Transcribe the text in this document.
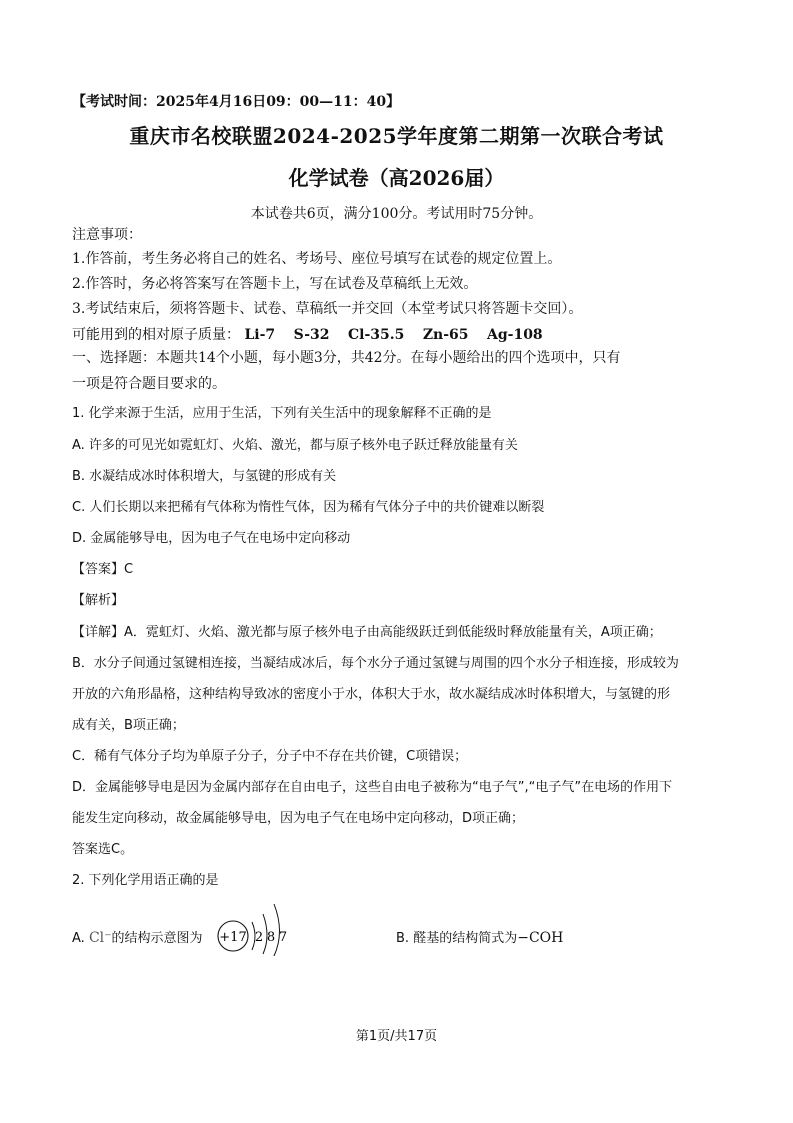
【考试时间：2025年4月16日09：00—11：40】
重庆市名校联盟2024-2025学年度第二期第一次联合考试
化学试卷（高2026届）
本试卷共6页，满分100分。考试用时75分钟。
注意事项：
1.作答前，考生务必将自己的姓名、考场号、座位号填写在试卷的规定位置上。
2.作答时，务必将答案写在答题卡上，写在试卷及草稿纸上无效。
3.考试结束后，须将答题卡、试卷、草稿纸一并交回（本堂考试只将答题卡交回）。
可能用到的相对原子质量： Li-7 S-32 Cl-35.5 Zn-65 Ag-108
一、选择题：本题共14个小题，每小题3分，共42分。在每小题给出的四个选项中，只有
一项是符合题目要求的。
1. 化学来源于生活，应用于生活，下列有关生活中的现象解释不正确的是
A. 许多的可见光如霓虹灯、火焰、激光，都与原子核外电子跃迁释放能量有关
B. 水凝结成冰时体积增大，与氢键的形成有关
C. 人们长期以来把稀有气体称为惰性气体，因为稀有气体分子中的共价键难以断裂
D. 金属能够导电，因为电子气在电场中定向移动
【答案】C
【解析】
【详解】A．霓虹灯、火焰、激光都与原子核外电子由高能级跃迁到低能级时释放能量有关，A项正确；
B．水分子间通过氢键相连接，当凝结成冰后，每个水分子通过氢键与周围的四个水分子相连接，形成较为
开放的六角形晶格，这种结构导致冰的密度小于水，体积大于水，故水凝结成冰时体积增大，与氢键的形
成有关，B项正确；
C．稀有气体分子均为单原子分子，分子中不存在共价键，C项错误；
D．金属能够导电是因为金属内部存在自由电子，这些自由电子被称为“电子气”,“电子气”在电场的作用下
能发生定向移动，故金属能够导电，因为电子气在电场中定向移动，D项正确；
答案选C。
2. 下列化学用语正确的是
A. Cl⁻的结构示意图为 +17 2 8 7	B. 醛基的结构简式为−COH
第1页/共17页
